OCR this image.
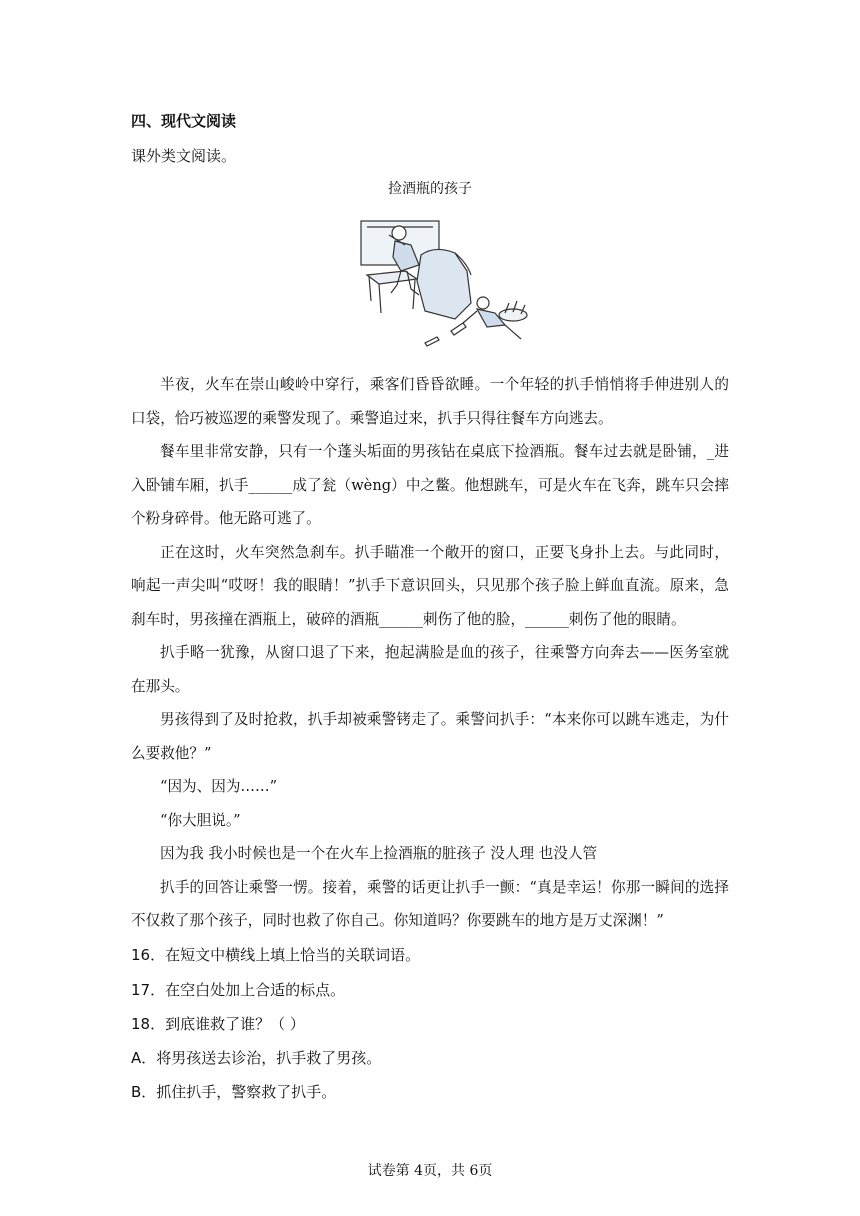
四、现代文阅读
课外类文阅读。
捡酒瓶的孩子

半夜，火车在崇山峻岭中穿行，乘客们昏昏欲睡。一个年轻的扒手悄悄将手伸进别人的口袋，恰巧被巡逻的乘警发现了。乘警追过来，扒手只得往餐车方向逃去。

餐车里非常安静，只有一个蓬头垢面的男孩钻在桌底下捡酒瓶。餐车过去就是卧铺，_进入卧铺车厢，扒手______成了瓮（wèng）中之鳖。他想跳车，可是火车在飞奔，跳车只会摔个粉身碎骨。他无路可逃了。

正在这时，火车突然急刹车。扒手瞄准一个敞开的窗口，正要飞身扑上去。与此同时，响起一声尖叫“哎呀！我的眼睛！”扒手下意识回头，只见那个孩子脸上鲜血直流。原来，急刹车时，男孩撞在酒瓶上，破碎的酒瓶______刺伤了他的脸，______刺伤了他的眼睛。

扒手略一犹豫，从窗口退了下来，抱起满脸是血的孩子，往乘警方向奔去——医务室就在那头。

男孩得到了及时抢救，扒手却被乘警铐走了。乘警问扒手：“本来你可以跳车逃走，为什么要救他？”

“因为、因为……”

“你大胆说。”

因为我 我小时候也是一个在火车上捡酒瓶的脏孩子 没人理 也没人管

扒手的回答让乘警一愣。接着，乘警的话更让扒手一颤：“真是幸运！你那一瞬间的选择不仅救了那个孩子，同时也救了你自己。你知道吗？你要跳车的地方是万丈深渊！”

16．在短文中横线上填上恰当的关联词语。
17．在空白处加上合适的标点。
18．到底谁救了谁？（ ）
A．将男孩送去诊治，扒手救了男孩。
B．抓住扒手，警察救了扒手。
试卷第 4页，共 6页
